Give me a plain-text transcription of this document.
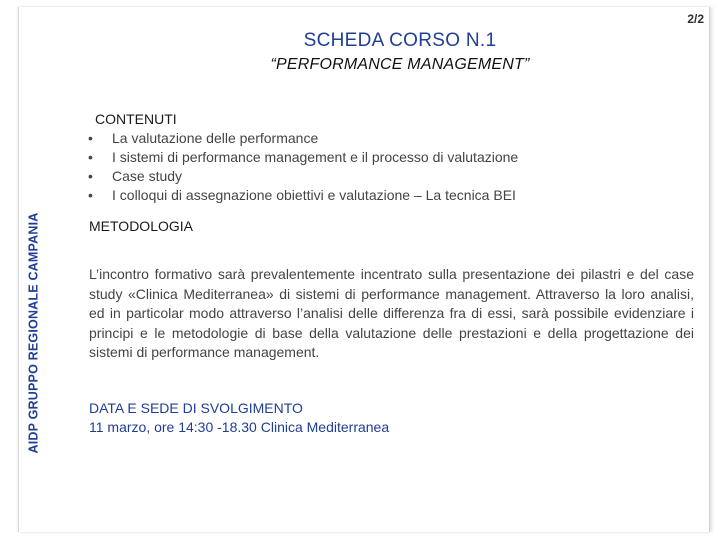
AIDP GRUPPO REGIONALE CAMPANIA
2/2
SCHEDA CORSO N.1
“PERFORMANCE MANAGEMENT”
CONTENUTI
• La valutazione delle performance
• I sistemi di performance management e il processo di valutazione
• Case study
• I colloqui di assegnazione obiettivi e valutazione – La tecnica BEI
METODOLOGIA

L’incontro formativo sarà prevalentemente incentrato sulla presentazione dei pilastri e del case study «Clinica Mediterranea» di sistemi di performance management. Attraverso la loro analisi, ed in particolar modo attraverso l’analisi delle differenza fra di essi, sarà possibile evidenziare i principi e le metodologie di base della valutazione delle prestazioni e della progettazione dei sistemi di performance management.

DATA E SEDE DI SVOLGIMENTO
11 marzo, ore 14:30 -18.30 Clinica Mediterranea
